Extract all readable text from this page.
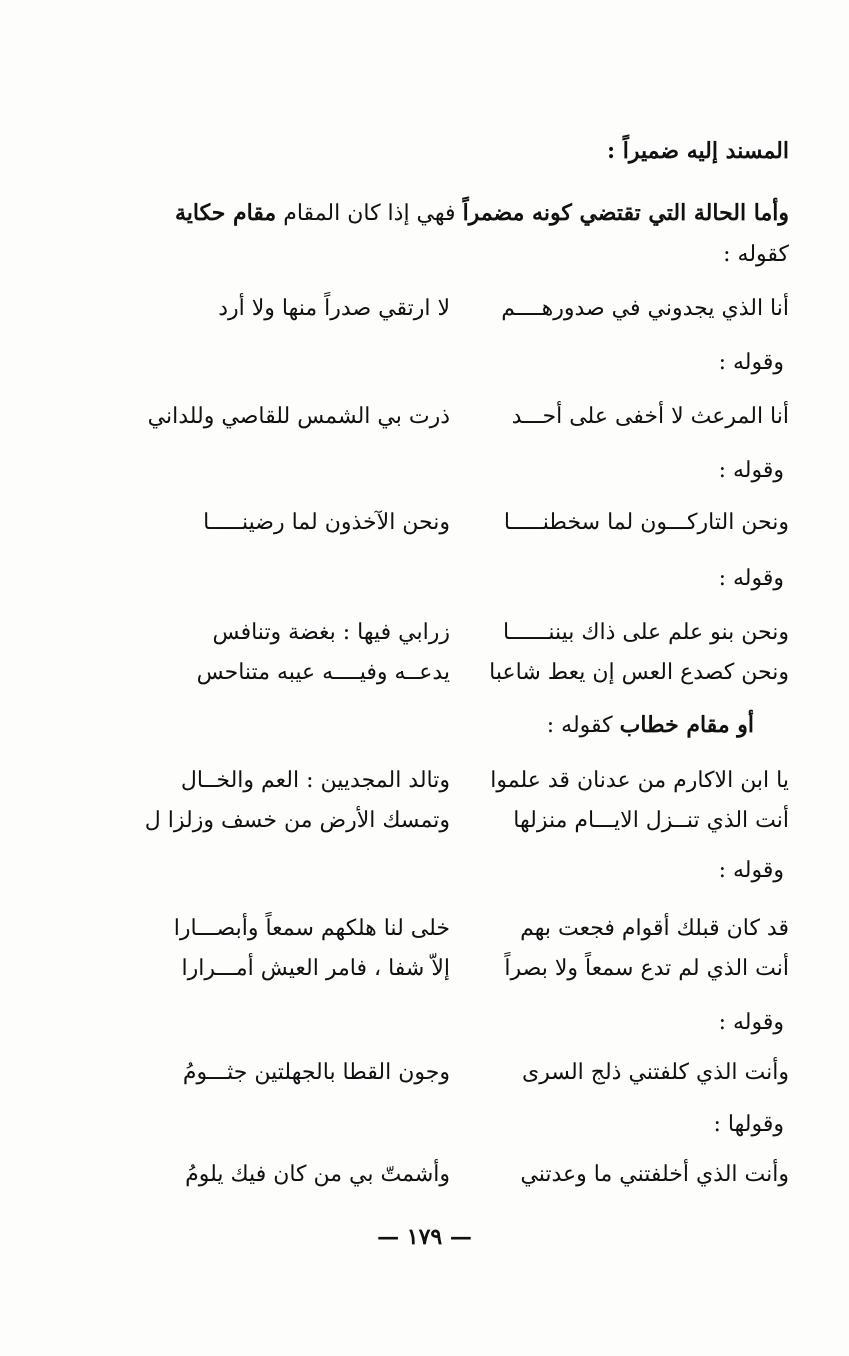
المسند إليه ضميراً :
وأما الحالة التي تقتضي كونه مضمراً فهي إذا كان المقام مقام حكاية
كقوله :
أنا الذي يجدوني في صدورهــــم
لا ارتقي صدراً منها ولا أرد
وقوله :
أنا المرعث لا أخفى على أحـــد
ذرت بي الشمس للقاصي وللداني
وقوله :
ونحن التاركـــون لما سخطنـــــا
ونحن الآخذون لما رضينـــــا
وقوله :
ونحن بنو علم على ذاك بيننــــــا
زرابي فيها : بغضة وتنافس
ونحن كصدع العس إن يعط شاعبا
يدعــه وفيــــه عيبه متناحس
أو مقام خطاب كقوله :
يا ابن الاكارم من عدنان قد علموا
وتالد المجديين : العم والخــال
أنت الذي تنــزل الايـــام منزلها
وتمسك الأرض من خسف وزلزا ل
وقوله :
قد كان قبلك أقوام فجعت بهم
خلى لنا هلكهم سمعاً وأبصـــارا
أنت الذي لم تدع سمعاً ولا بصراً
إلاّ شفا ، فامر العيش أمـــرارا
وقوله :
وأنت الذي كلفتني ذلج السرى
وجون القطا بالجهلتين جثـــومُ
وقولها :
وأنت الذي أخلفتني ما وعدتني
وأشمتّ بي من كان فيك يلومُ
— ١٧٩ —
